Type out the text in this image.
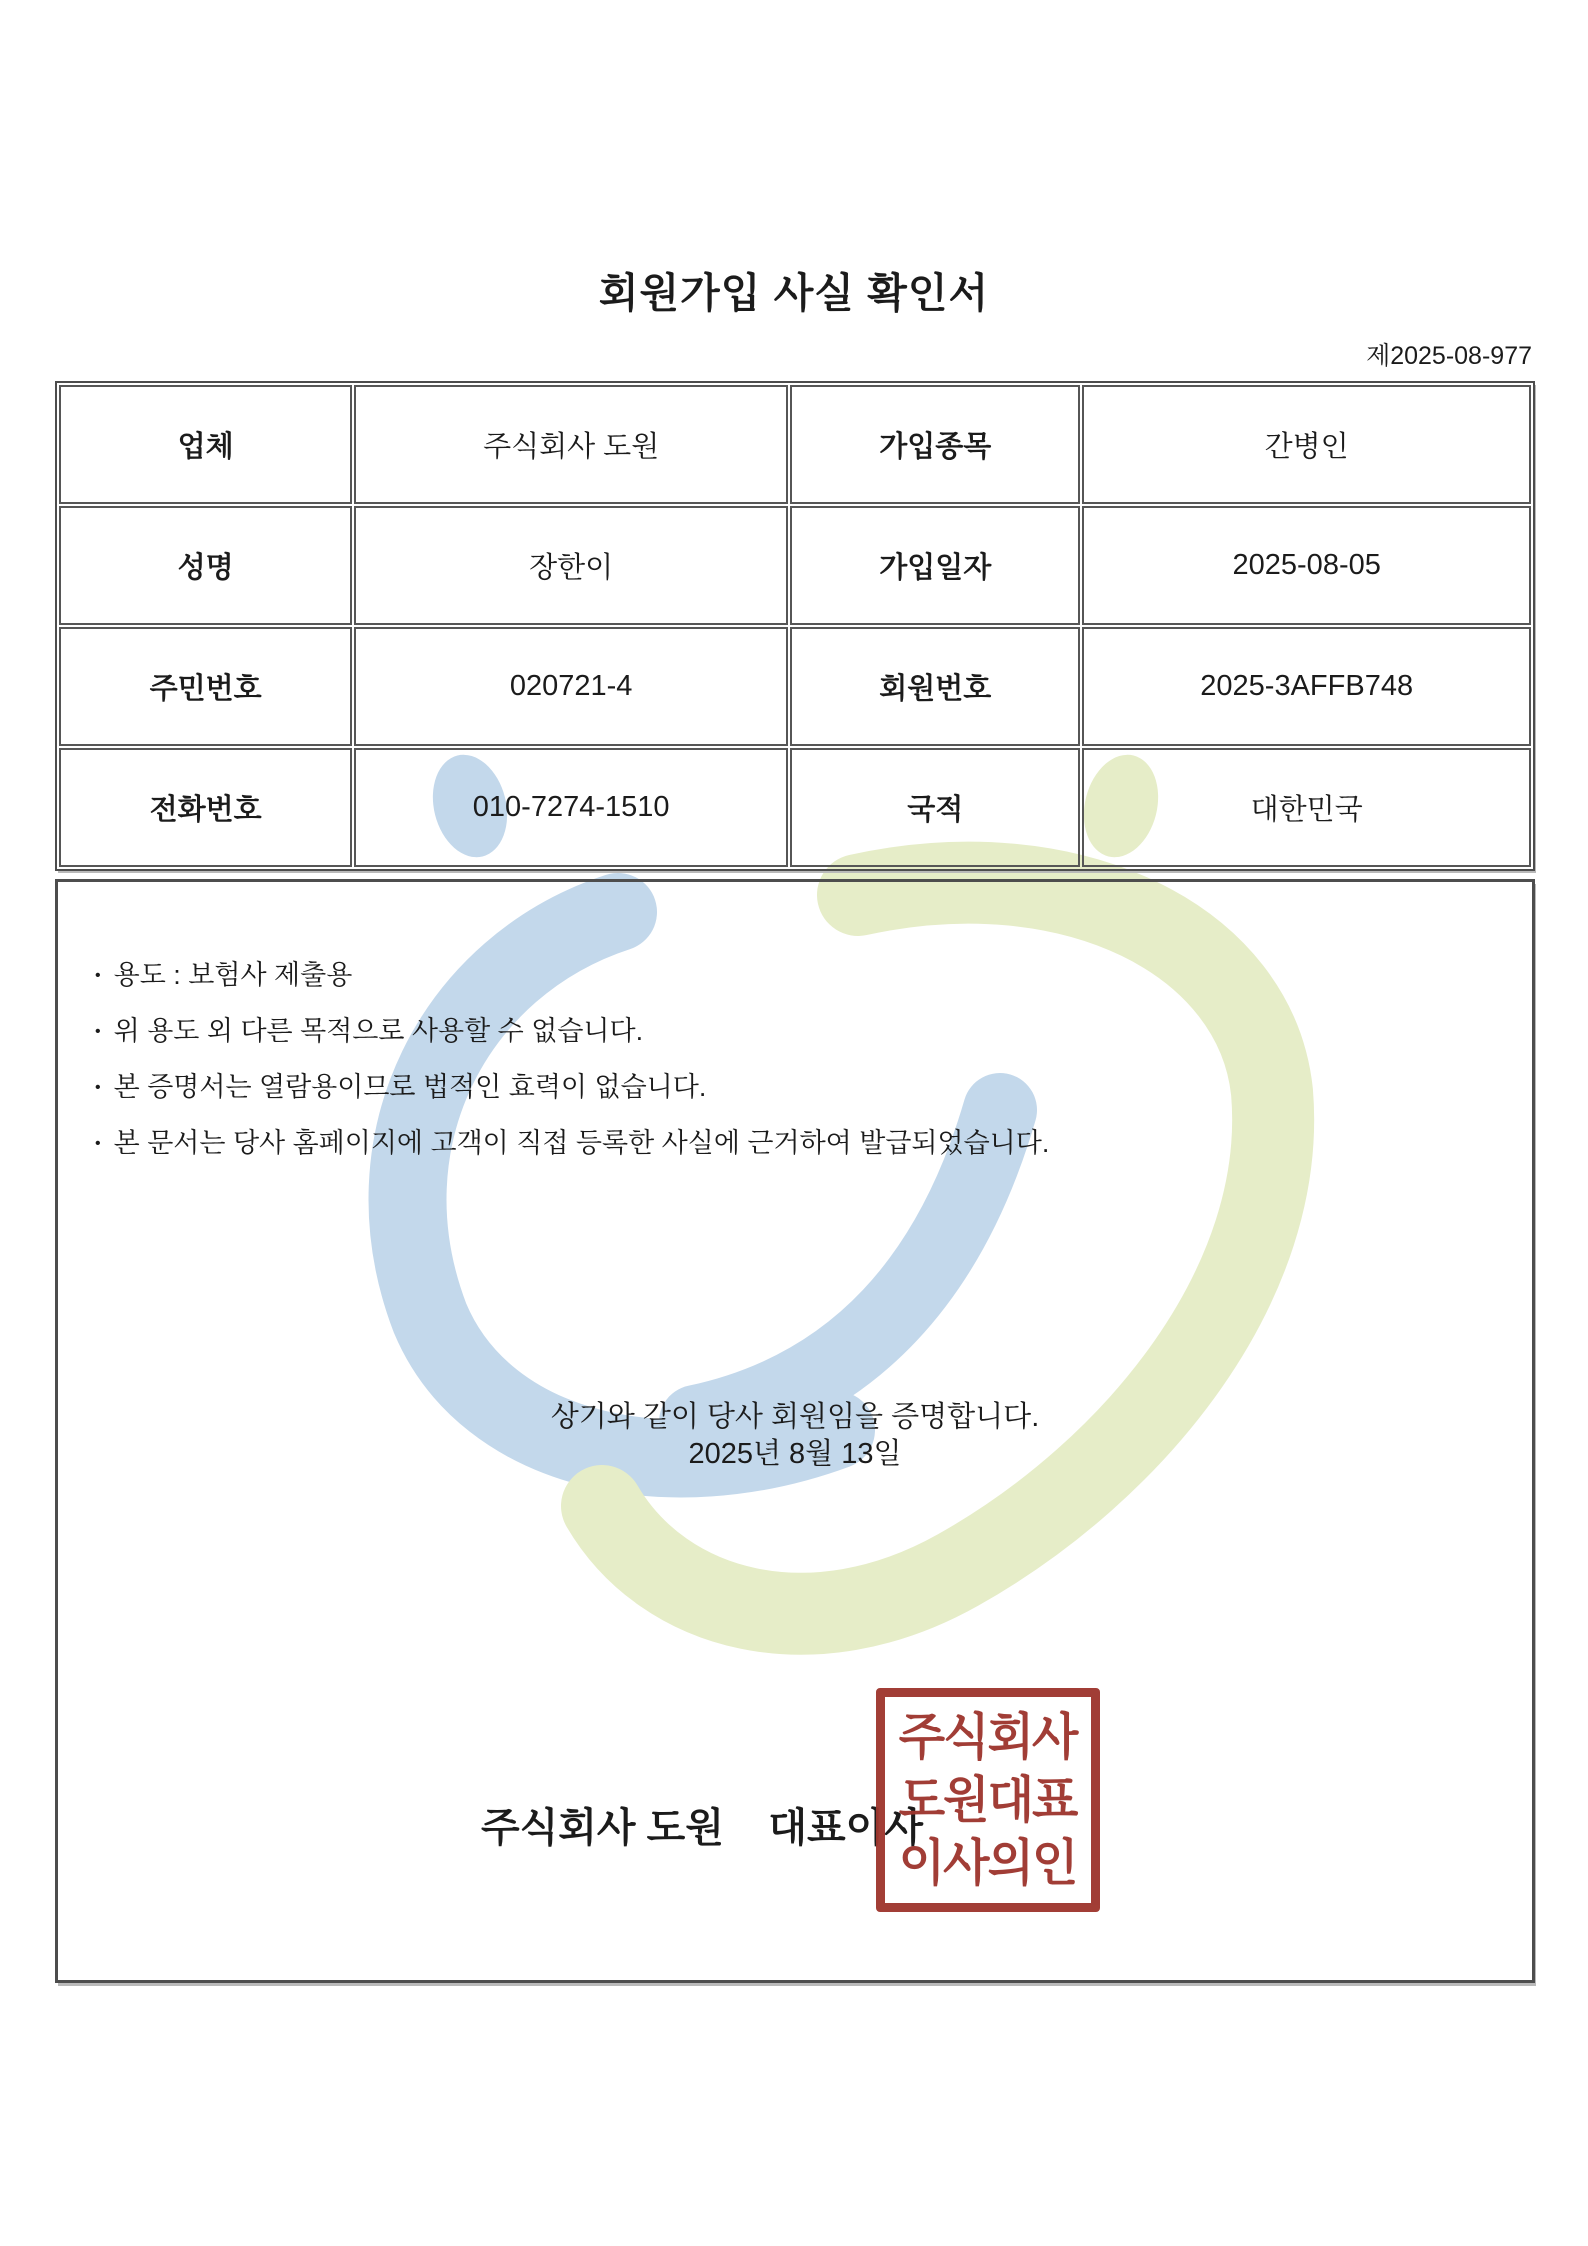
회원가입 사실 확인서
제2025-08-977
업체	주식회사 도원	가입종목	간병인
성명	장한이	가입일자	2025-08-05
주민번호	020721-4	회원번호	2025-3AFFB748
전화번호	010-7274-1510	국적	대한민국
• 용도 : 보험사 제출용
• 위 용도 외 다른 목적으로 사용할 수 없습니다.
• 본 증명서는 열람용이므로 법적인 효력이 없습니다.
• 본 문서는 당사 홈페이지에 고객이 직접 등록한 사실에 근거하여 발급되었습니다.
상기와 같이 당사 회원임을 증명합니다.
2025년 8월 13일
주식회사 도원    대표이사
주식회사
도원대표
이사의인
